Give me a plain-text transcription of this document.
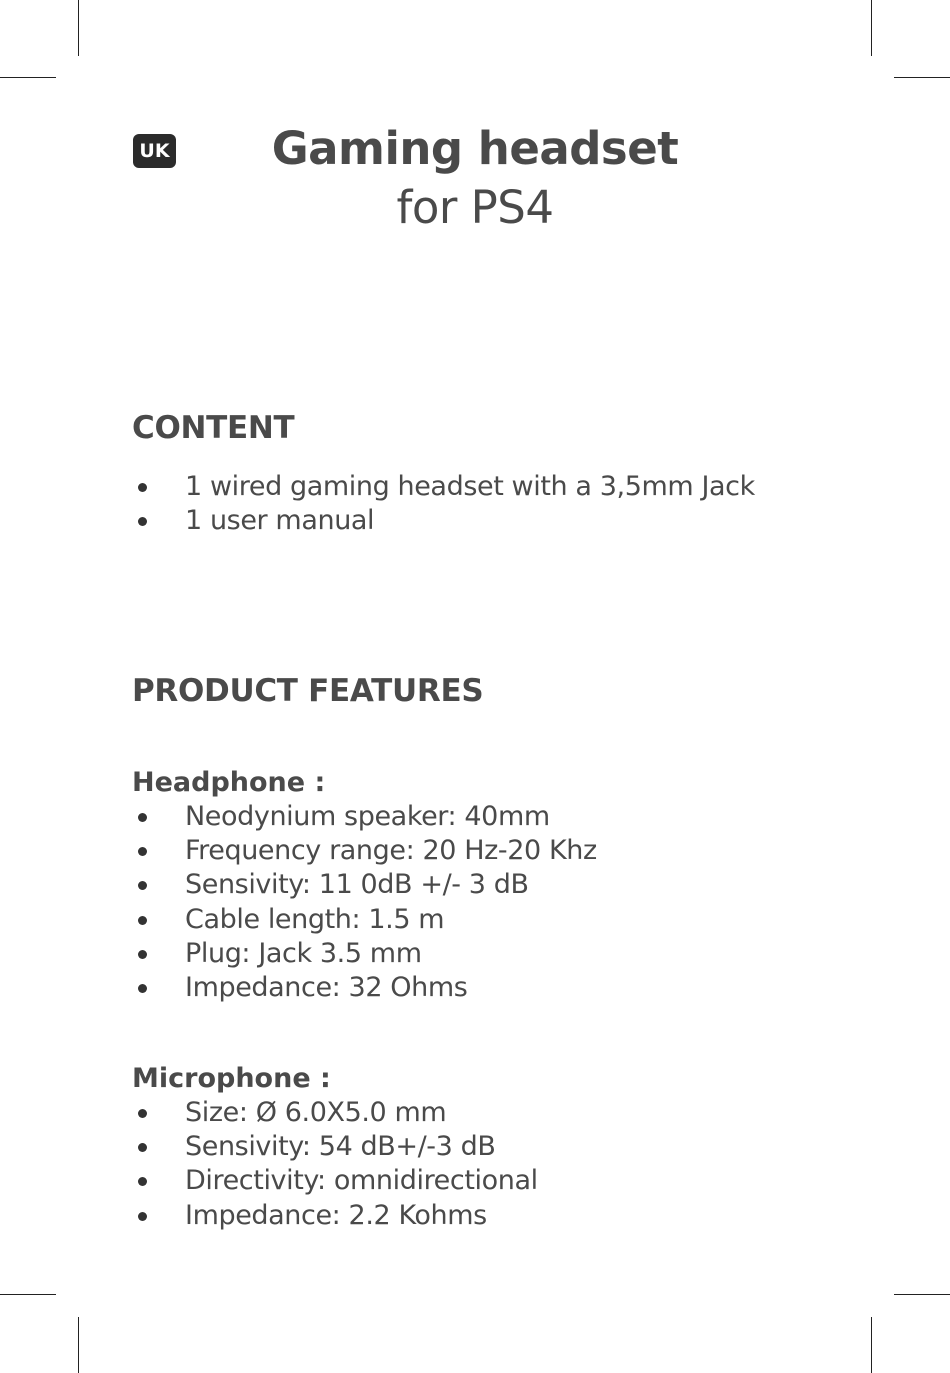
UK	Gaming headset
for PS4
CONTENT
1 wired gaming headset with a 3,5mm Jack
1 user manual
PRODUCT FEATURES
Headphone :
Neodynium speaker: 40mm
Frequency range: 20 Hz-20 Khz
Sensivity: 11 0dB +/- 3 dB
Cable length: 1.5 m
Plug: Jack 3.5 mm
Impedance: 32 Ohms
Microphone :
Size: Ø 6.0X5.0 mm
Sensivity: 54 dB+/-3 dB
Directivity: omnidirectional
Impedance: 2.2 Kohms
